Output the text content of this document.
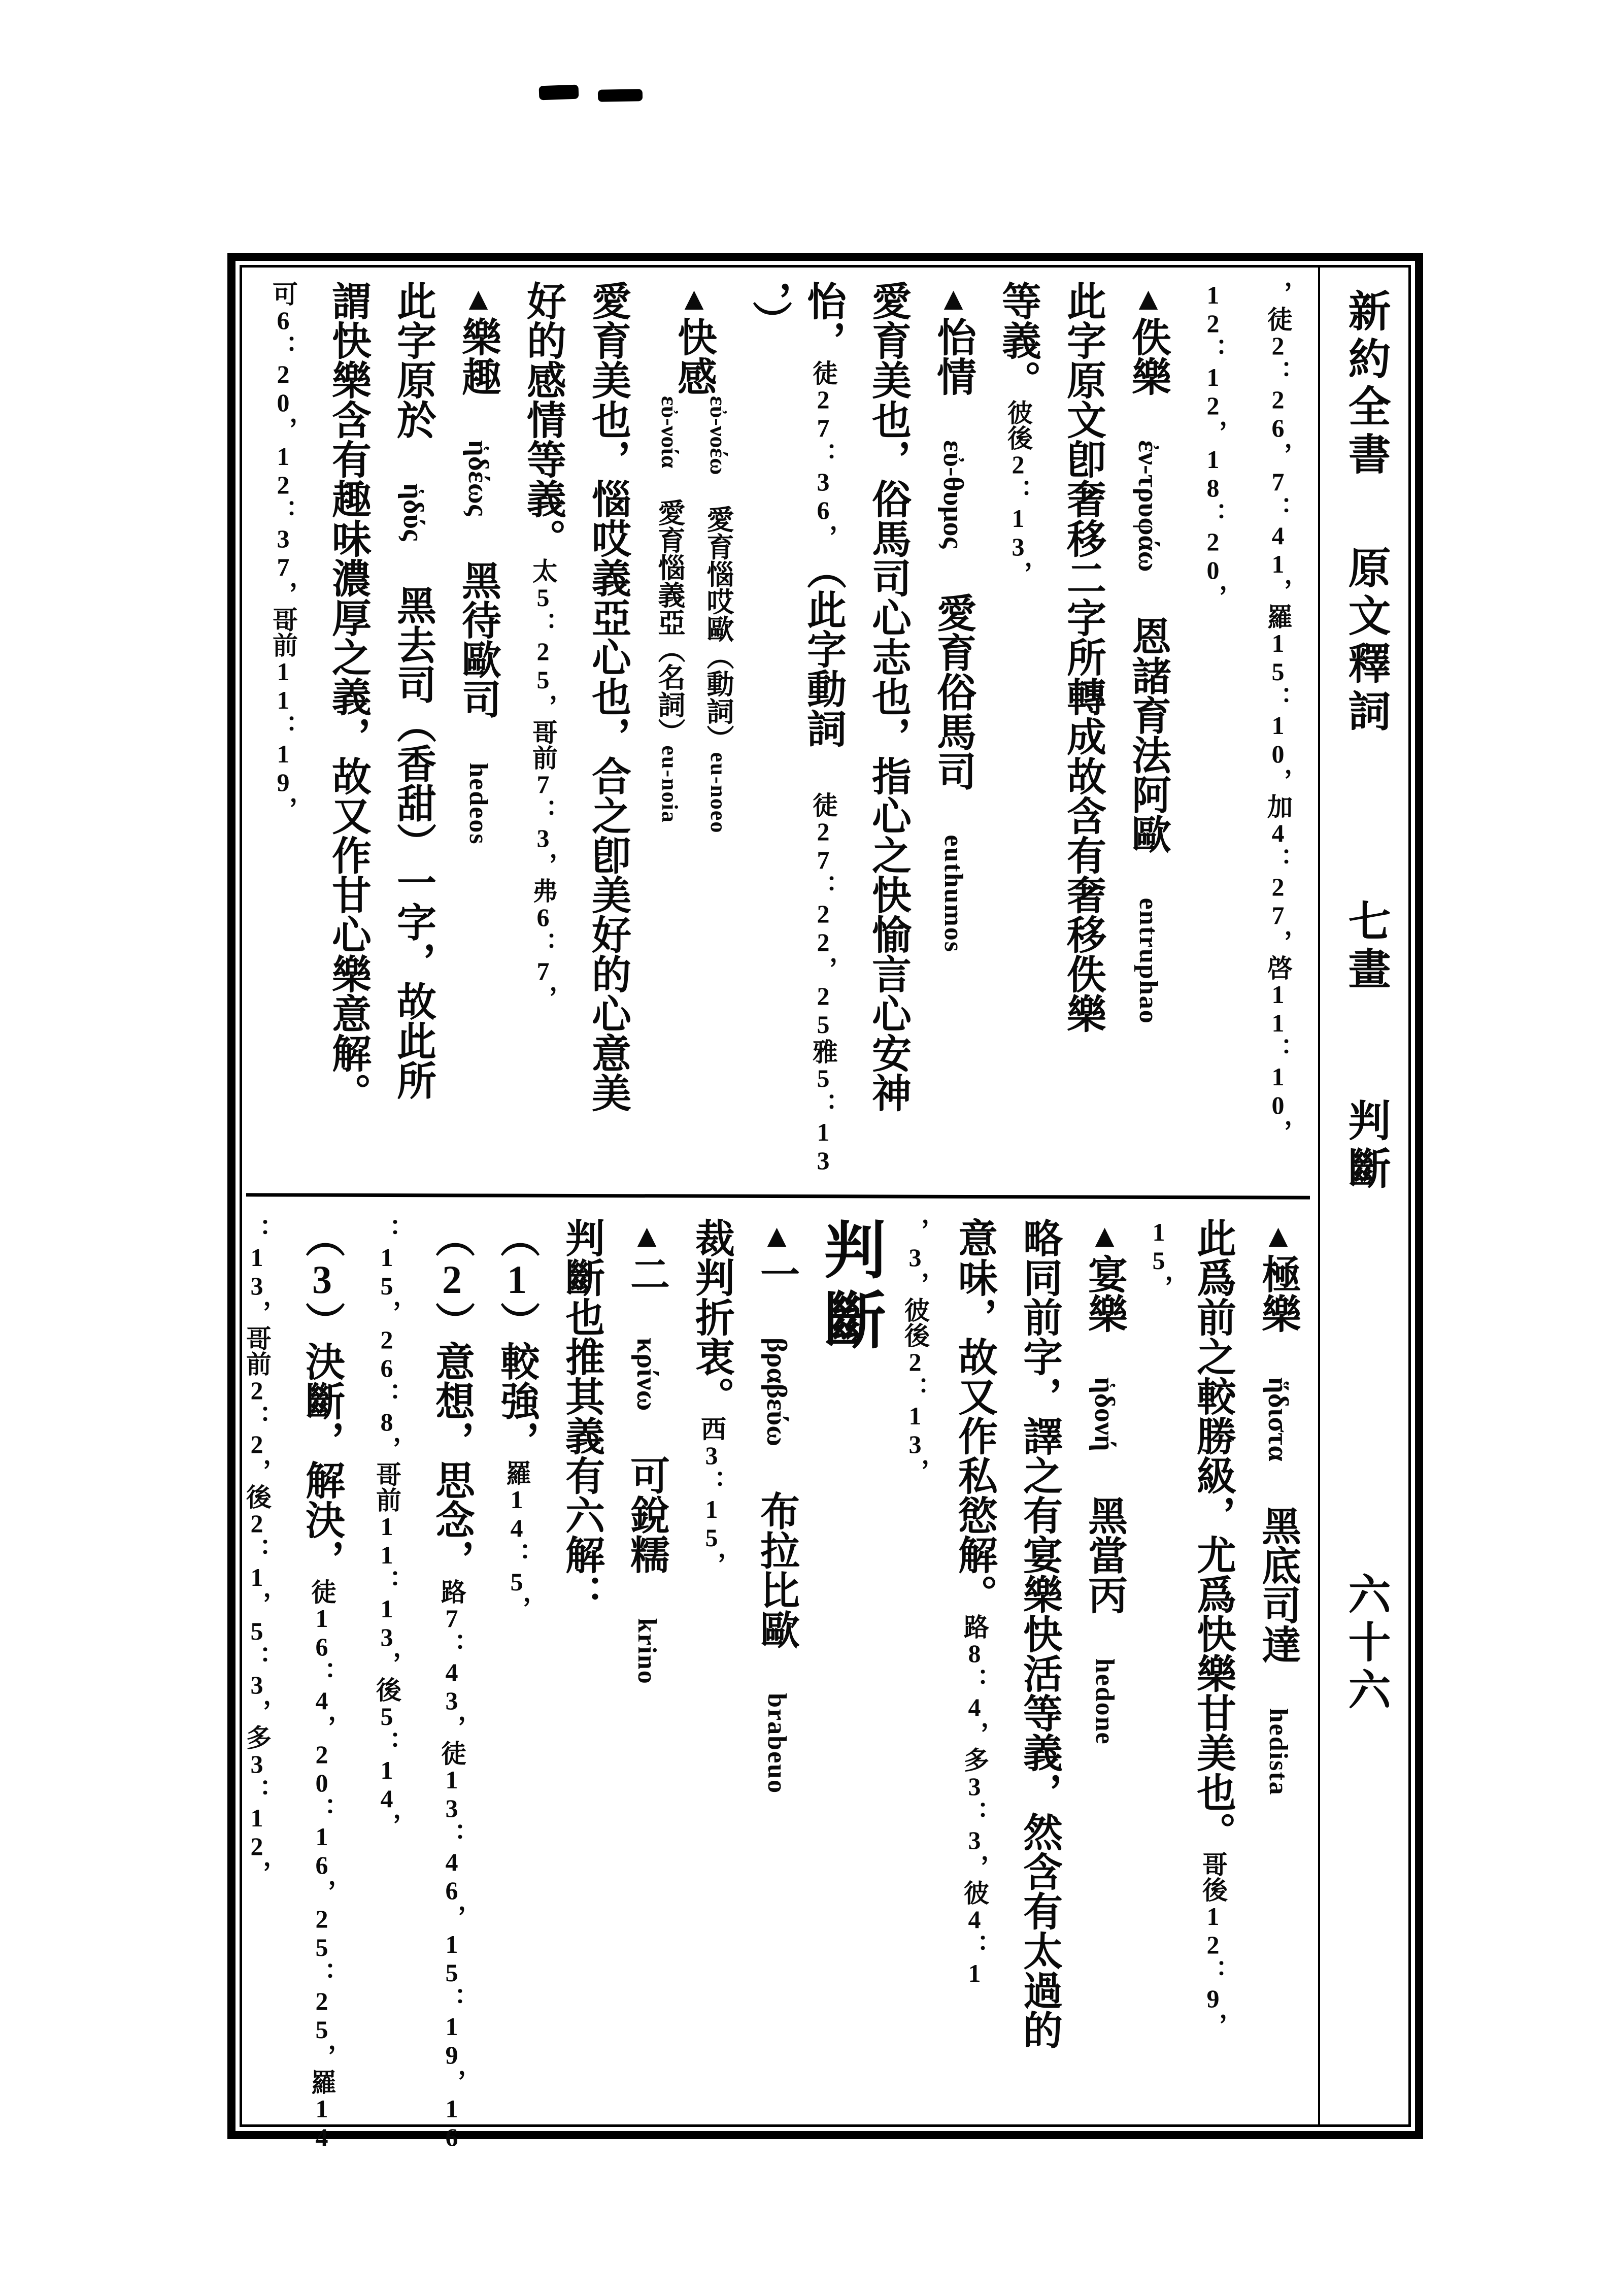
，徒2：26，7：41，羅15：10，加4：27，啓11：10，
12：12，18：20，
▲佚樂 ἐν-τρυφάω 恩諸育法阿歐 entruphao
此字原文卽奢移二字所轉成故含有奢移佚樂
等義。彼後2：13，
▲怡情 εὐ-θυμος 愛育俗馬司 euthumos
愛育美也，俗馬司心志也，指心之快愉言心安神
怡，徒27：36，︵此字動詞 徒27：22，25雅5：13
，︶
▲快感
εὐ-νοέω 愛育惱哎歐︵動詞︶eu-noeo
εὐ-νοία 愛育惱義亞︵名詞︶eu-noia
愛育美也，惱哎義亞心也，合之卽美好的心意美
好的感情等義。太5：25，哥前7：3，弗6：7，
▲樂趣 ἡδέως 黑待歐司 hedeos
此字原於 ἡδύς 黑去司︵香甜︶一字，故此所
謂快樂含有趣味濃厚之義，故又作甘心樂意解。
可6：20，12：37，哥前11：19，
▲極樂 ἥδιστα 黑底司達 hedista
此爲前之較勝級，尤爲快樂甘美也。哥後12：9，
15，
▲宴樂 ἡδονή 黑當丙 hedone
略同前字，譯之有宴樂快活等義，然含有太過的
意味，故又作私慾解。路8：4，多3：3，彼4：1
，3，彼後2：13，
判斷
▲一 βραβεύω 布拉比歐 brabeuo
裁判折衷。西3：15，
▲二 κρίνω 可銳糯 krino
判斷也推其義有六解：
︵1︶較強，羅14：5，
︵2︶意想，思念，路7：43，徒13：46，15：19，16
：15，26：8，哥前11：13，後5：14，
︵3︶決斷，解決，徒16：4，20：16，25：25，羅14
：13，哥前2：2，後2：1，5：3，多3：12，
新約全書原文釋詞七畫判斷六十六
